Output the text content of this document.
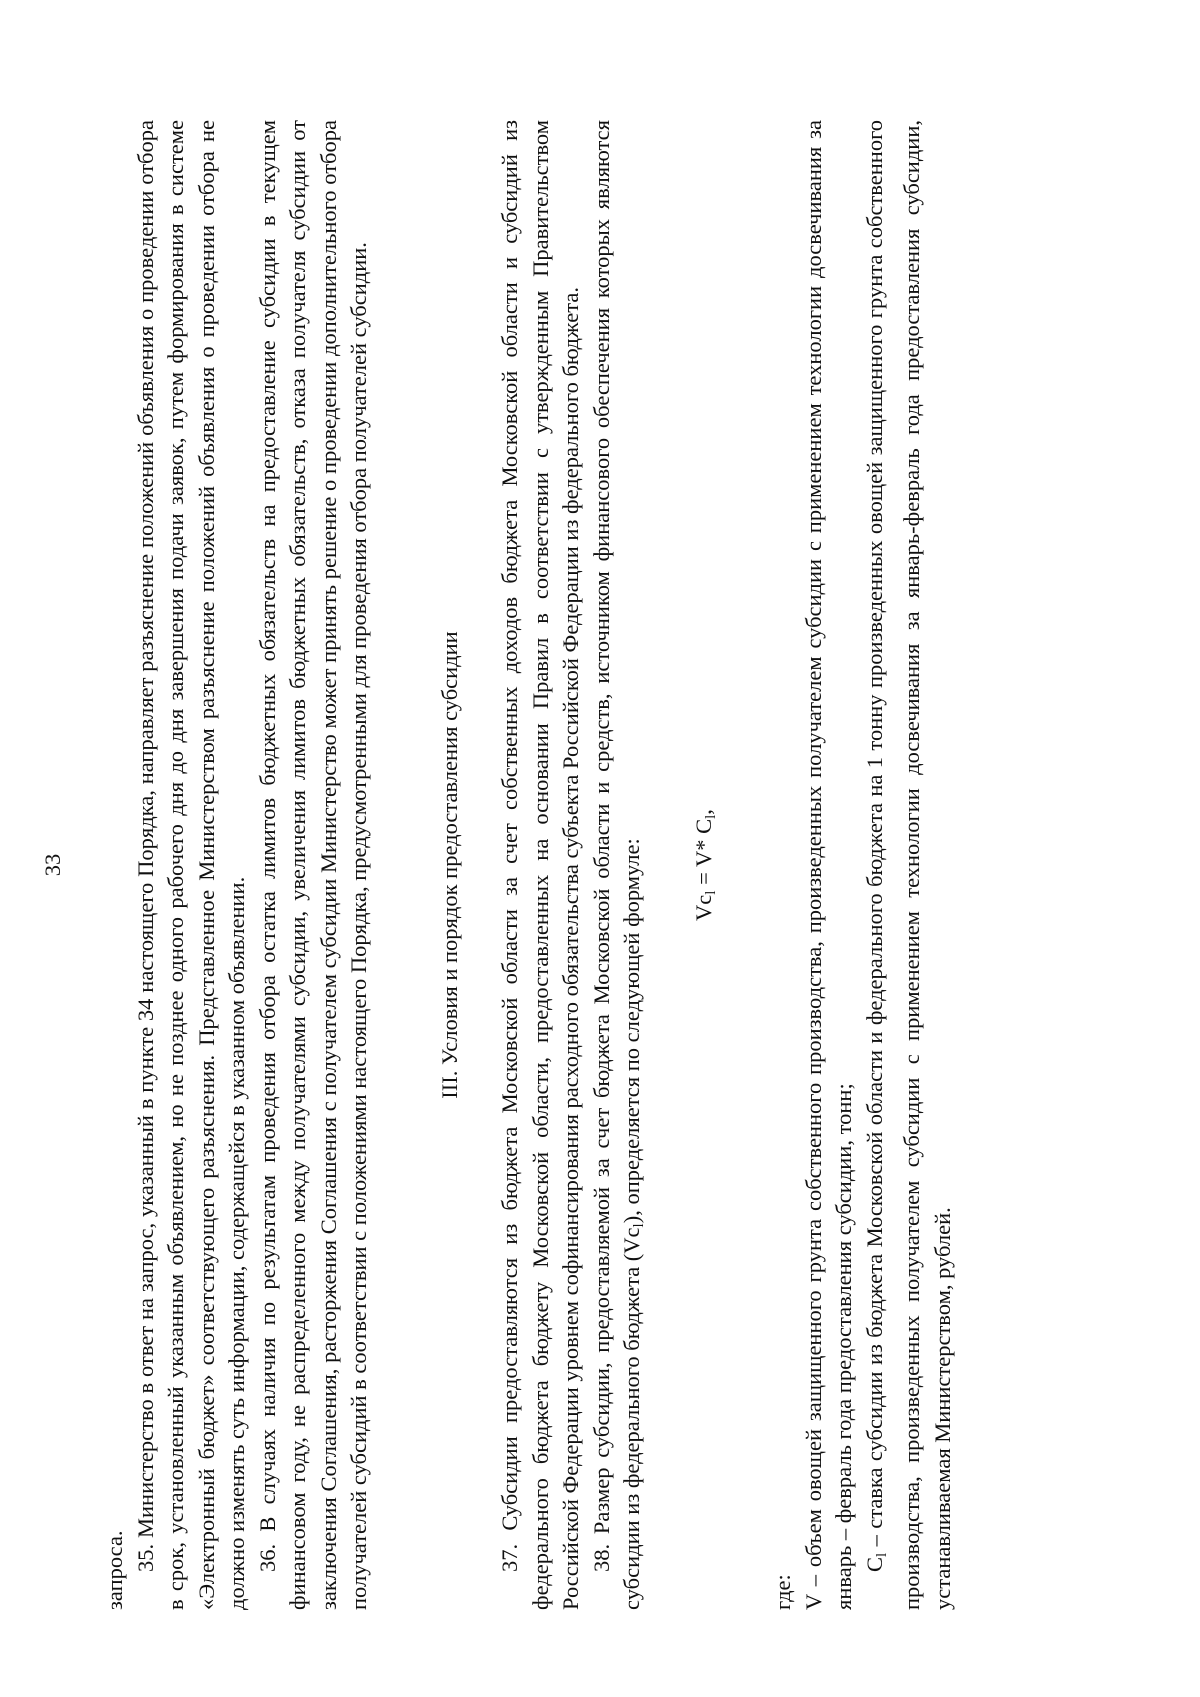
33

запроса. 35. Министерство в ответ на запрос, указанный в пункте 34 настоящего Порядка, направляет разъяснение положений объявления о проведении отбора в срок, установленный указанным объявлением, но не позднее одного рабочего дня до дня завершения подачи заявок, путем формирования в системе «Электронный бюджет» соответствующего разъяснения. Представленное Министерством разъяснение положений объявления о проведении отбора не должно изменять суть информации, содержащейся в указанном объявлении. 36. В случаях наличия по результатам проведения отбора остатка лимитов бюджетных обязательств на предоставление субсидии в текущем финансовом году, не распределенного между получателями субсидии, увеличения лимитов бюджетных обязательств, отказа получателя субсидии от заключения Соглашения, расторжения Соглашения с получателем субсидии Министерство может принять решение о проведении дополнительного отбора получателей субсидий в соответствии с положениями настоящего Порядка, предусмотренными для проведения отбора получателей субсидии.	III. Условия и порядок предоставления субсидии 37. Субсидии предоставляются из бюджета Московской области за счет собственных доходов бюджета Московской области и субсидий из федерального бюджета бюджету Московской области, предоставленных на основании Правил в соответствии с утвержденным Правительством Российской Федерации уровнем софинансирования расходного обязательства субъекта Российской Федерации из федерального бюджета. 38. Размер субсидии, предоставляемой за счет бюджета Московской области и средств, источником финансового обеспечения которых являются субсидии из федерального бюджета $(Vc_l)$, определяется по следующей формуле:	$Vc_l = V*$ $C_l$,

где: V – объем овощей защищенного грунта собственного производства, произведенных получателем субсидии с применением технологии досвечивания за январь – февраль года предоставления субсидии, тонн; $C_l$ – ставка субсидии из бюджета Московской области и федерального бюджета на 1 тонну произведенных овощей защищенного грунта собственного производства, произведенных получателем субсидии с применением технологии досвечивания за январь-февраль года предоставления субсидии, устанавливаемая Министерством, рублей.
